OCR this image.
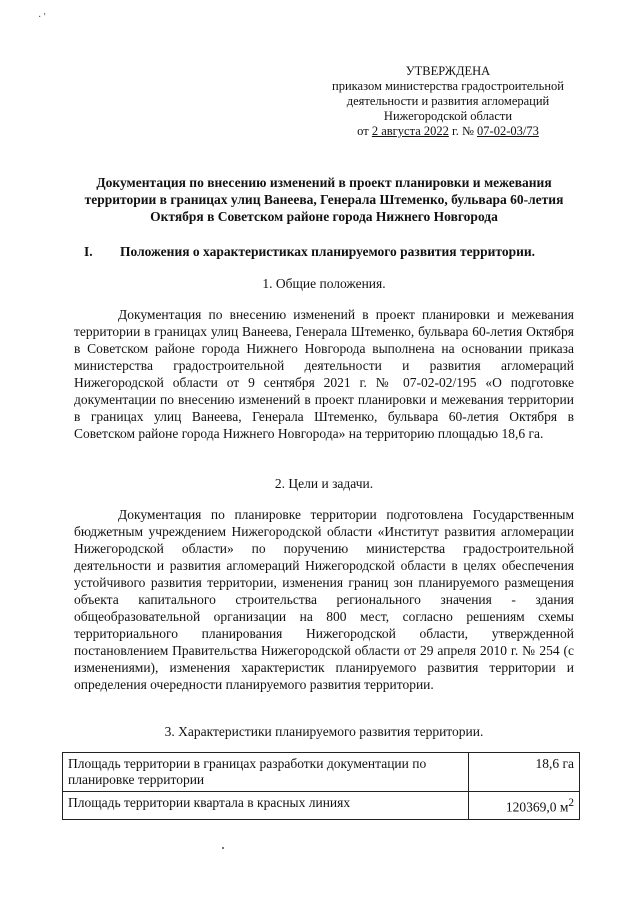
· '
УТВЕРЖДЕНА
приказом министерства градостроительной
деятельности и развития агломераций
Нижегородской области
от 2 августа 2022 г. № 07-02-03/73
Документация по внесению изменений в проект планировки и межевания территории в границах улиц Ванеева, Генерала Штеменко, бульвара 60-летия Октября в Советском районе города Нижнего Новгорода
I. Положения о характеристиках планируемого развития территории.
1. Общие положения.
Документация по внесению изменений в проект планировки и межевания территории в границах улиц Ванеева, Генерала Штеменко, бульвара 60-летия Октября в Советском районе города Нижнего Новгорода выполнена на основании приказа министерства градостроительной деятельности и развития агломераций Нижегородской области от 9 сентября 2021 г. № 07-02-02/195 «О подготовке документации по внесению изменений в проект планировки и межевания территории в границах улиц Ванеева, Генерала Штеменко, бульвара 60-летия Октября в Советском районе города Нижнего Новгорода» на территорию площадью 18,6 га.
2. Цели и задачи.
Документация по планировке территории подготовлена Государственным бюджетным учреждением Нижегородской области «Институт развития агломерации Нижегородской области» по поручению министерства градостроительной деятельности и развития агломераций Нижегородской области в целях обеспечения устойчивого развития территории, изменения границ зон планируемого размещения объекта капитального строительства регионального значения - здания общеобразовательной организации на 800 мест, согласно решениям схемы территориального планирования Нижегородской области, утвержденной постановлением Правительства Нижегородской области от 29 апреля 2010 г. № 254 (с изменениями), изменения характеристик планируемого развития территории и определения очередности планируемого развития территории.
3. Характеристики планируемого развития территории.
Площадь территории в границах разработки документации по планировке территории	18,6 га
Площадь территории квартала в красных линиях	120369,0 $м^2$
